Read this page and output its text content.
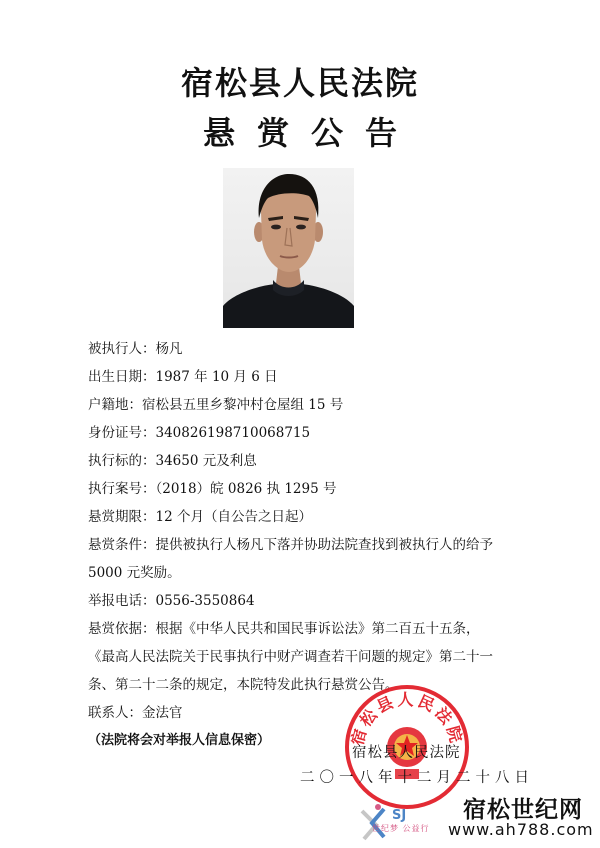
宿松县人民法院
悬赏公告
被执行人：杨凡
出生日期：1987 年 10 月 6 日
户籍地：宿松县五里乡黎冲村仓屋组 15 号
身份证号：340826198710068715
执行标的：34650 元及利息
执行案号：（2018）皖 0826 执 1295 号
悬赏期限：12 个月（自公告之日起）
悬赏条件：提供被执行人杨凡下落并协助法院查找到被执行人的给予
5000 元奖励。
举报电话：0556-3550864
悬赏依据：根据《中华人民共和国民事诉讼法》第二百五十五条，
《最高人民法院关于民事执行中财产调查若干问题的规定》第二十一
条、第二十二条的规定，本院特发此执行悬赏公告。
联系人：金法官
（法院将会对举报人信息保密）	宿松县人民法院
宿松县人民法院
二〇一八年十二月二十八日
SJ 宿松世纪网
www.ah788.com
世纪梦 公益行
